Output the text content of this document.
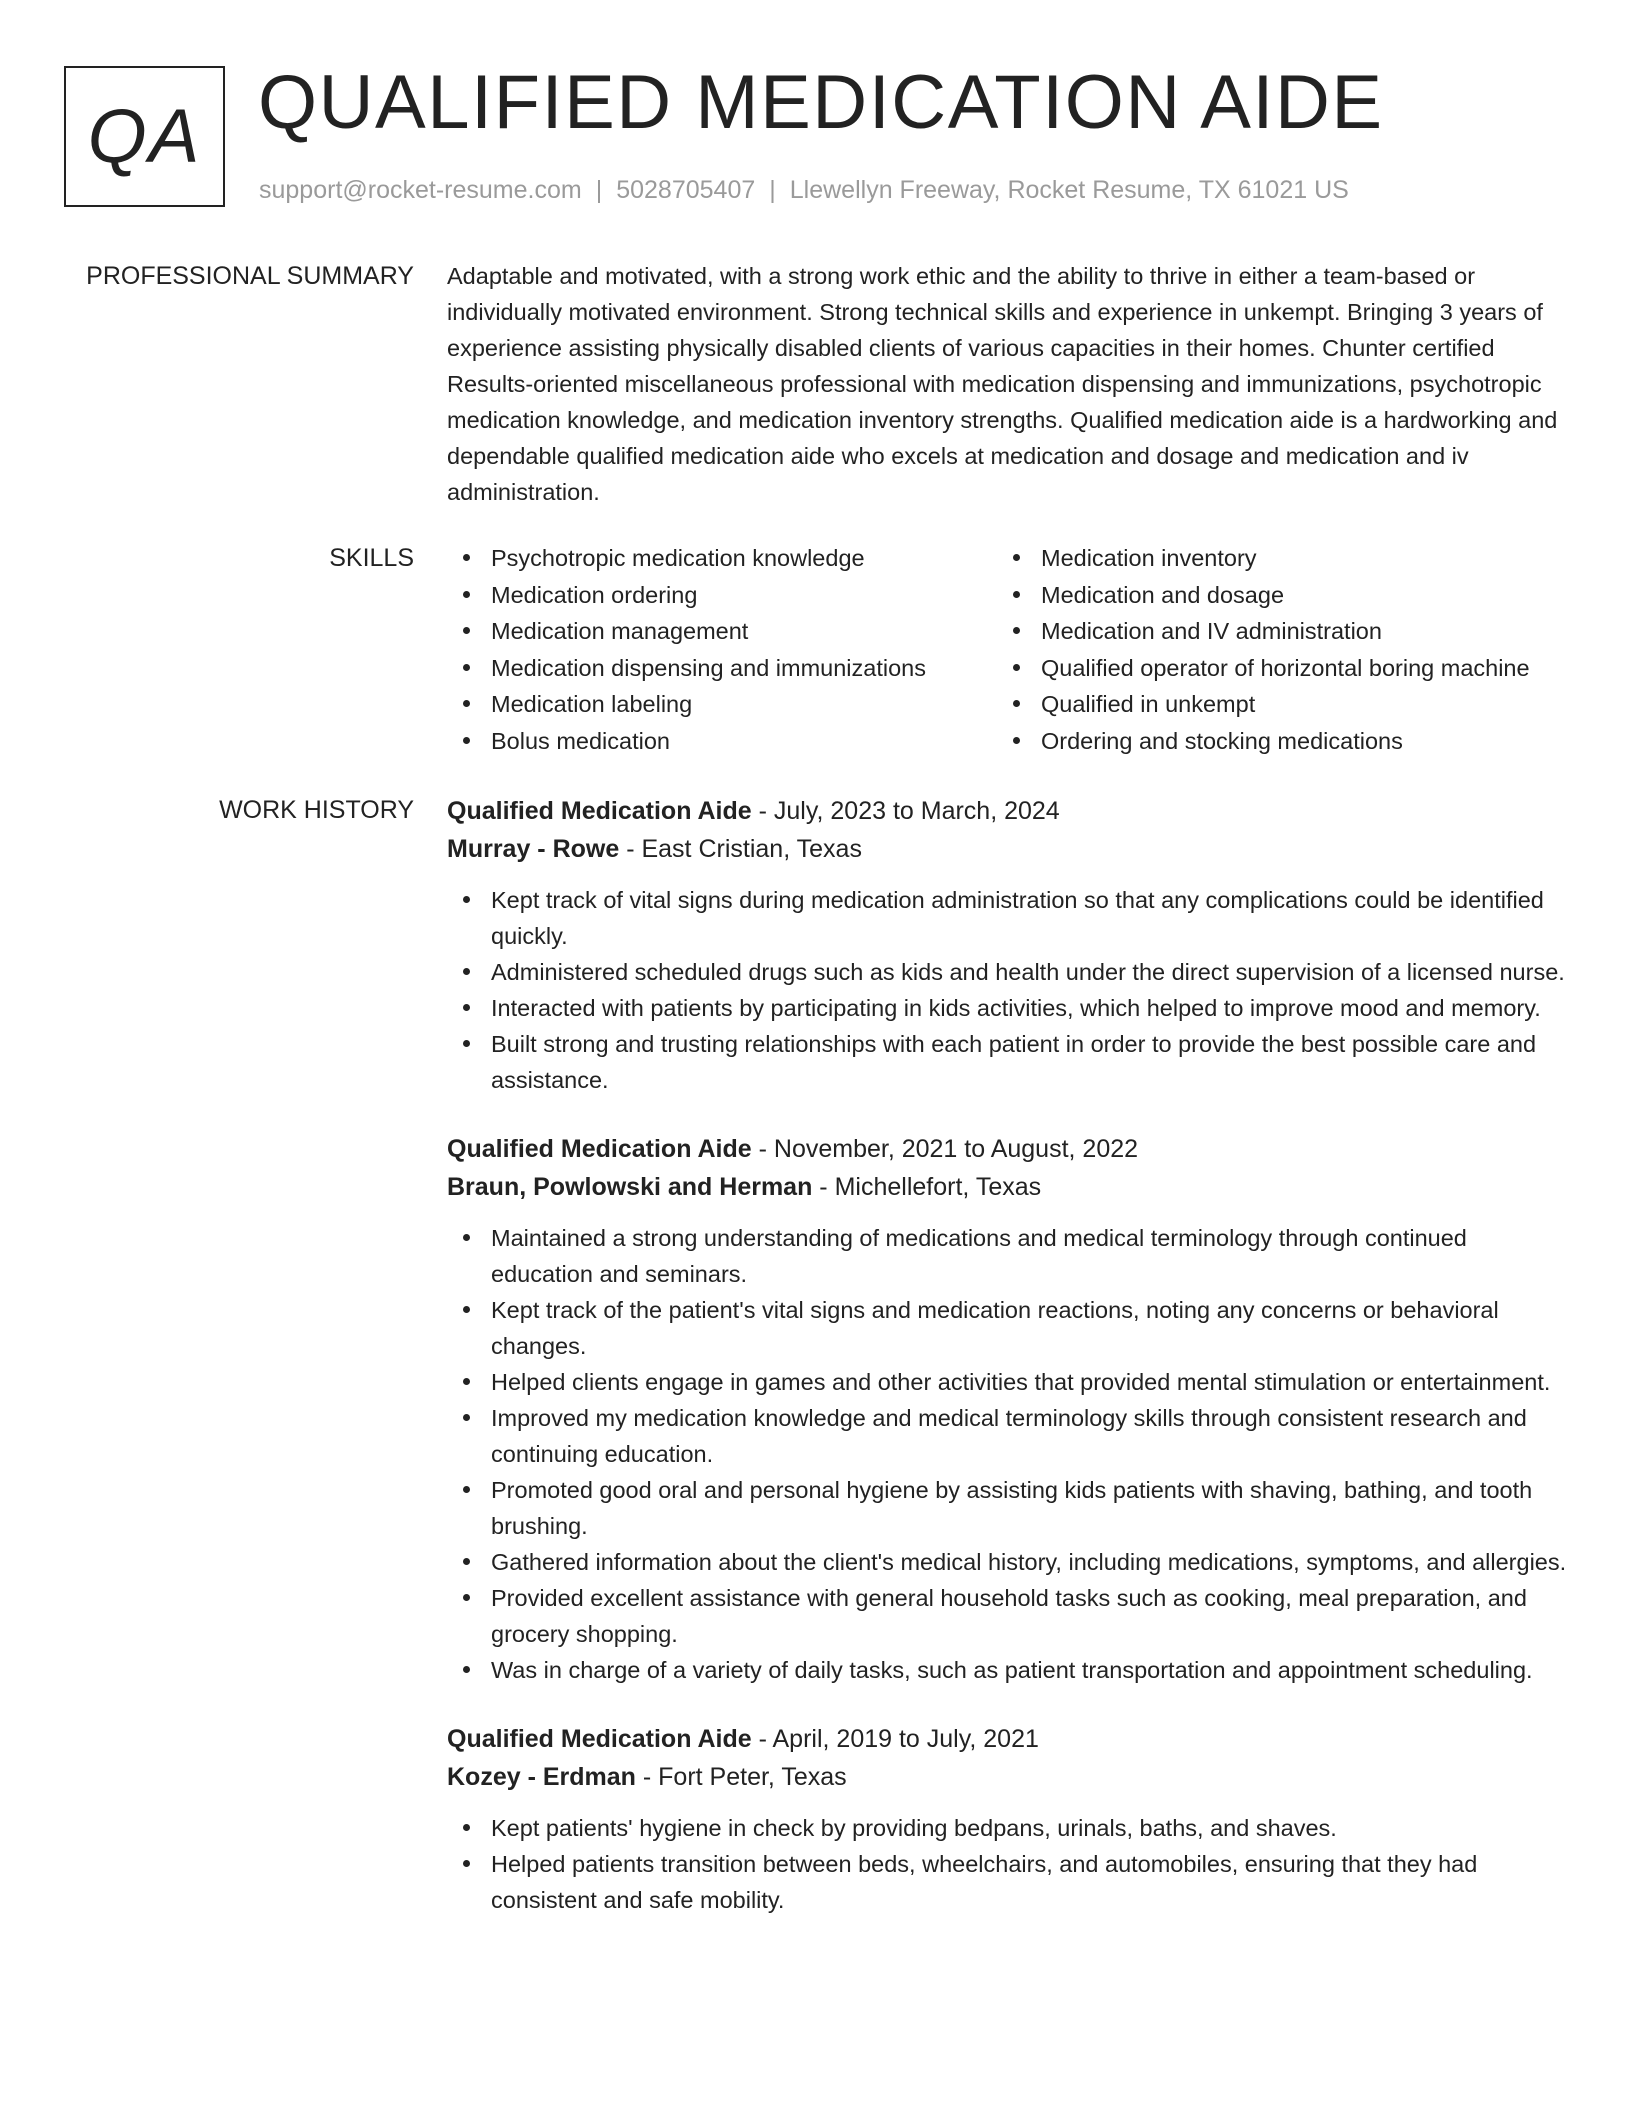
QA QUALIFIED MEDICATION AIDE
support@rocket-resume.com | 5028705407 | Llewellyn Freeway, Rocket Resume, TX 61021 US
PROFESSIONAL SUMMARY Adaptable and motivated, with a strong work ethic and the ability to thrive in either a team-based or individually motivated environment. Strong technical skills and experience in unkempt. Bringing 3 years of experience assisting physically disabled clients of various capacities in their homes. Chunter certified Results-oriented miscellaneous professional with medication dispensing and immunizations, psychotropic medication knowledge, and medication inventory strengths. Qualified medication aide is a hardworking and dependable qualified medication aide who excels at medication and dosage and medication and iv administration.

SKILLS	Psychotropic medication knowledge
Medication ordering
Medication management
Medication dispensing and immunizations
Medication labeling
Bolus medication
Medication inventory
Medication and dosage
Medication and IV administration
Qualified operator of horizontal boring machine
Qualified in unkempt
Ordering and stocking medications
WORK HISTORY Qualified Medication Aide - July, 2023 to March, 2024
Murray - Rowe - East Cristian, Texas
Kept track of vital signs during medication administration so that any complications could be identified quickly.
Administered scheduled drugs such as kids and health under the direct supervision of a licensed nurse.
Interacted with patients by participating in kids activities, which helped to improve mood and memory.
Built strong and trusting relationships with each patient in order to provide the best possible care and assistance.
Qualified Medication Aide - November, 2021 to August, 2022
Braun, Powlowski and Herman - Michellefort, Texas
Maintained a strong understanding of medications and medical terminology through continued education and seminars.
Kept track of the patient's vital signs and medication reactions, noting any concerns or behavioral changes.
Helped clients engage in games and other activities that provided mental stimulation or entertainment.
Improved my medication knowledge and medical terminology skills through consistent research and continuing education.
Promoted good oral and personal hygiene by assisting kids patients with shaving, bathing, and tooth brushing.
Gathered information about the client's medical history, including medications, symptoms, and allergies.
Provided excellent assistance with general household tasks such as cooking, meal preparation, and grocery shopping.
Was in charge of a variety of daily tasks, such as patient transportation and appointment scheduling.
Qualified Medication Aide - April, 2019 to July, 2021
Kozey - Erdman - Fort Peter, Texas
Kept patients' hygiene in check by providing bedpans, urinals, baths, and shaves.
Helped patients transition between beds, wheelchairs, and automobiles, ensuring that they had consistent and safe mobility.
